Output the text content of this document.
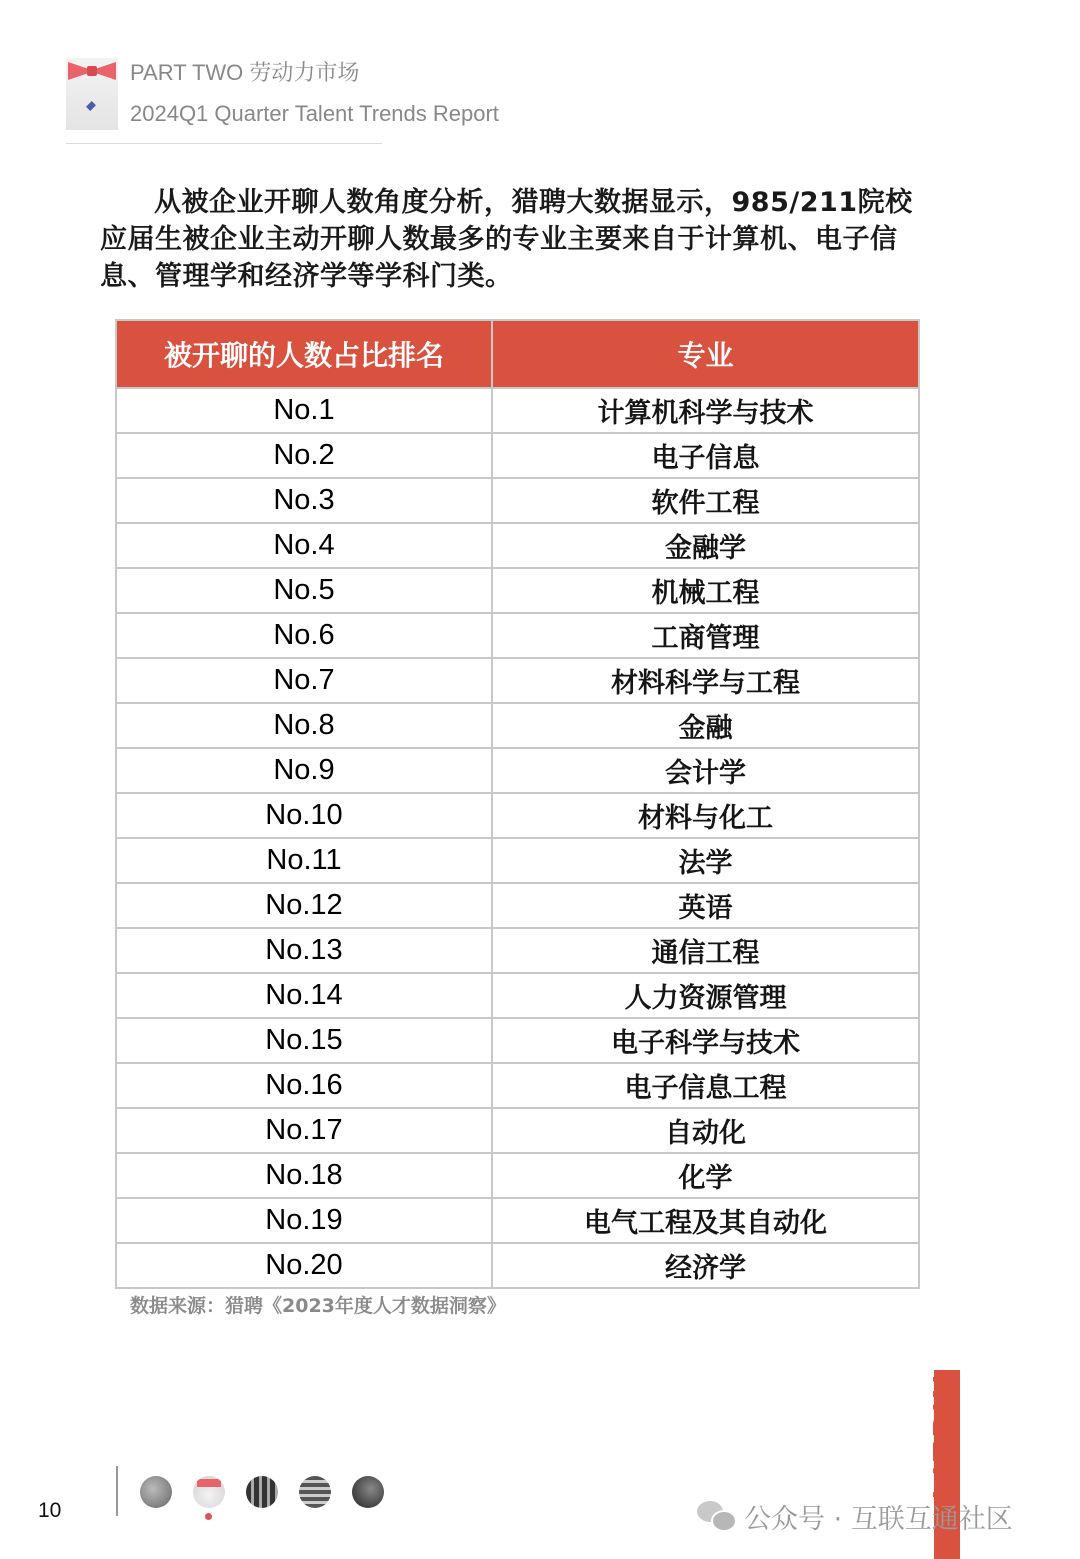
PART TWO 劳动力市场
2024Q1 Quarter Talent Trends Report
从被企业开聊人数角度分析，猎聘大数据显示，985/211院校应届生被企业主动开聊人数最多的专业主要来自于计算机、电子信息、管理学和经济学等学科门类。
被开聊的人数占比排名	专业
No.1	计算机科学与技术
No.2	电子信息
No.3	软件工程
No.4	金融学
No.5	机械工程
No.6	工商管理
No.7	材料科学与工程
No.8	金融
No.9	会计学
No.10	材料与化工
No.11	法学
No.12	英语
No.13	通信工程
No.14	人力资源管理
No.15	电子科学与技术
No.16	电子信息工程
No.17	自动化
No.18	化学
No.19	电气工程及其自动化
No.20	经济学
数据来源：猎聘《2023年度人才数据洞察》
10
LIEPIN
公众号 · 互联互通社区
